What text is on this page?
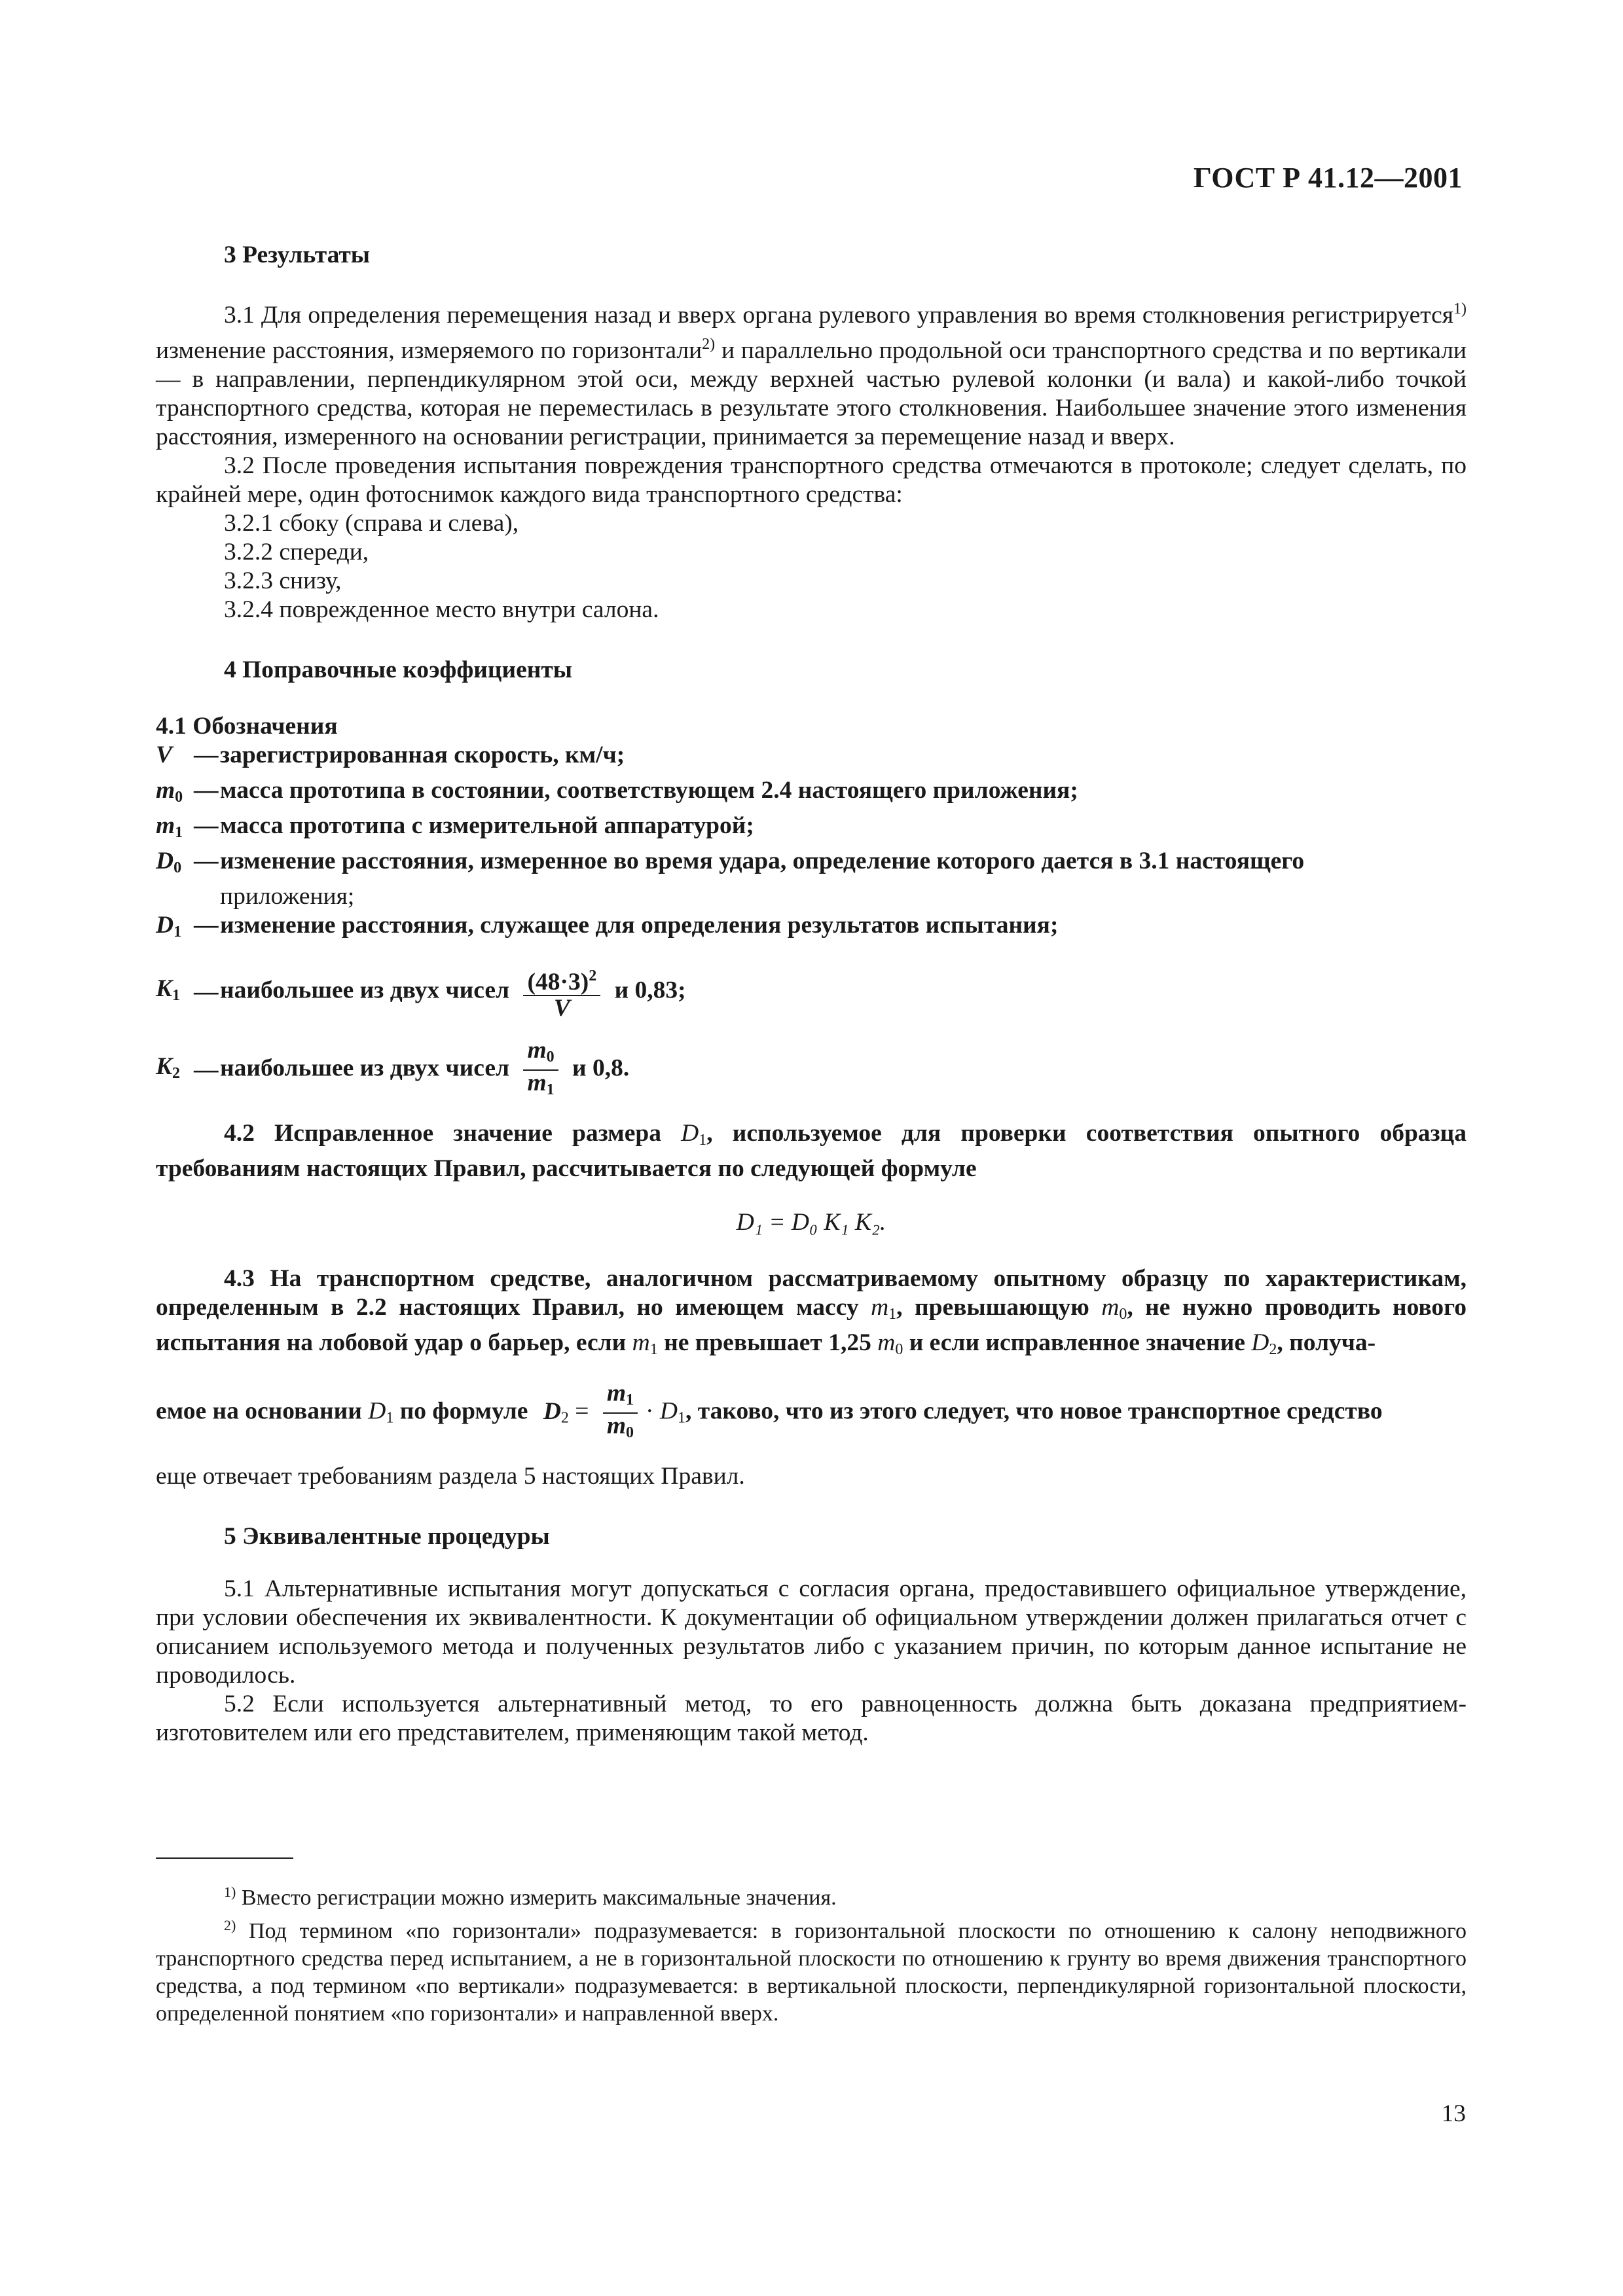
ГОСТ Р 41.12—2001
3 Результаты

3.1 Для определения перемещения назад и вверх органа рулевого управления во время столкновения регистрируется$^{1)}$ изменение расстояния, измеряемого по горизонтали$^{2)}$ и параллельно продольной оси транспортного средства и по вертикали — в направлении, перпендикулярном этой оси, между верхней частью рулевой колонки (и вала) и какой-либо точкой транспортного средства, которая не переместилась в результате этого столкновения. Наибольшее значение этого изменения расстояния, измеренного на основании регистрации, принимается за перемещение назад и вверх.

3.2 После проведения испытания повреждения транспортного средства отмечаются в протоколе; следует сделать, по крайней мере, один фотоснимок каждого вида транспортного средства:

3.2.1 сбоку (справа и слева),
3.2.2 спереди,
3.2.3 снизу,
3.2.4 поврежденное место внутри салона.
4 Поправочные коэффициенты
4.1 Обозначения
V — зарегистрированная скорость, км/ч;
$m_0$ — масса прототипа в состоянии, соответствующем 2.4 настоящего приложения;
$m_1$ — масса прототипа с измерительной аппаратурой;
$D_0$ — изменение расстояния, измеренное во время удара, определение которого дается в 3.1 настоящего
приложения;
$D_1$ — изменение расстояния, служащее для определения результатов испытания;
$K_1$ — наибольшее из двух чисел $\frac{(48\cdot 3)^2}{V}$ и 0,83;
$K_2$ — наибольшее из двух чисел $\frac{m_0}{m_1}$ и 0,8.

4.2 Исправленное значение размера $D_1$, используемое для проверки соответствия опытного образца требованиям настоящих Правил, рассчитывается по следующей формуле

D₁ = D₀ K₁ K₂.

4.3 На транспортном средстве, аналогичном рассматриваемому опытному образцу по характеристикам, определенным в 2.2 настоящих Правил, но имеющем массу $m_1$, превышающую $m_0$, не нужно проводить нового испытания на лобовой удар о барьер, если $m_1$ не превышает 1,25 $m_0$ и если исправленное значение $D_2$, получа-

емое на основании $D_1$ по формуле $D_2 = \frac{m_1}{m_0} \cdot D_1$, таково, что из этого следует, что новое транспортное средство

еще отвечает требованиям раздела 5 настоящих Правил.

5 Эквивалентные процедуры

5.1 Альтернативные испытания могут допускаться с согласия органа, предоставившего официальное утверждение, при условии обеспечения их эквивалентности. К документации об официальном утверждении должен прилагаться отчет с описанием используемого метода и полученных результатов либо с указанием причин, по которым данное испытание не проводилось.

5.2 Если используется альтернативный метод, то его равноценность должна быть доказана предприятием-изготовителем или его представителем, применяющим такой метод.

$^{1)}$ Вместо регистрации можно измерить максимальные значения.

$^{2)}$ Под термином «по горизонтали» подразумевается: в горизонтальной плоскости по отношению к салону неподвижного транспортного средства перед испытанием, а не в горизонтальной плоскости по отношению к грунту во время движения транспортного средства, а под термином «по вертикали» подразумевается: в вертикальной плоскости, перпендикулярной горизонтальной плоскости, определенной понятием «по горизонтали» и направленной вверх.

13
